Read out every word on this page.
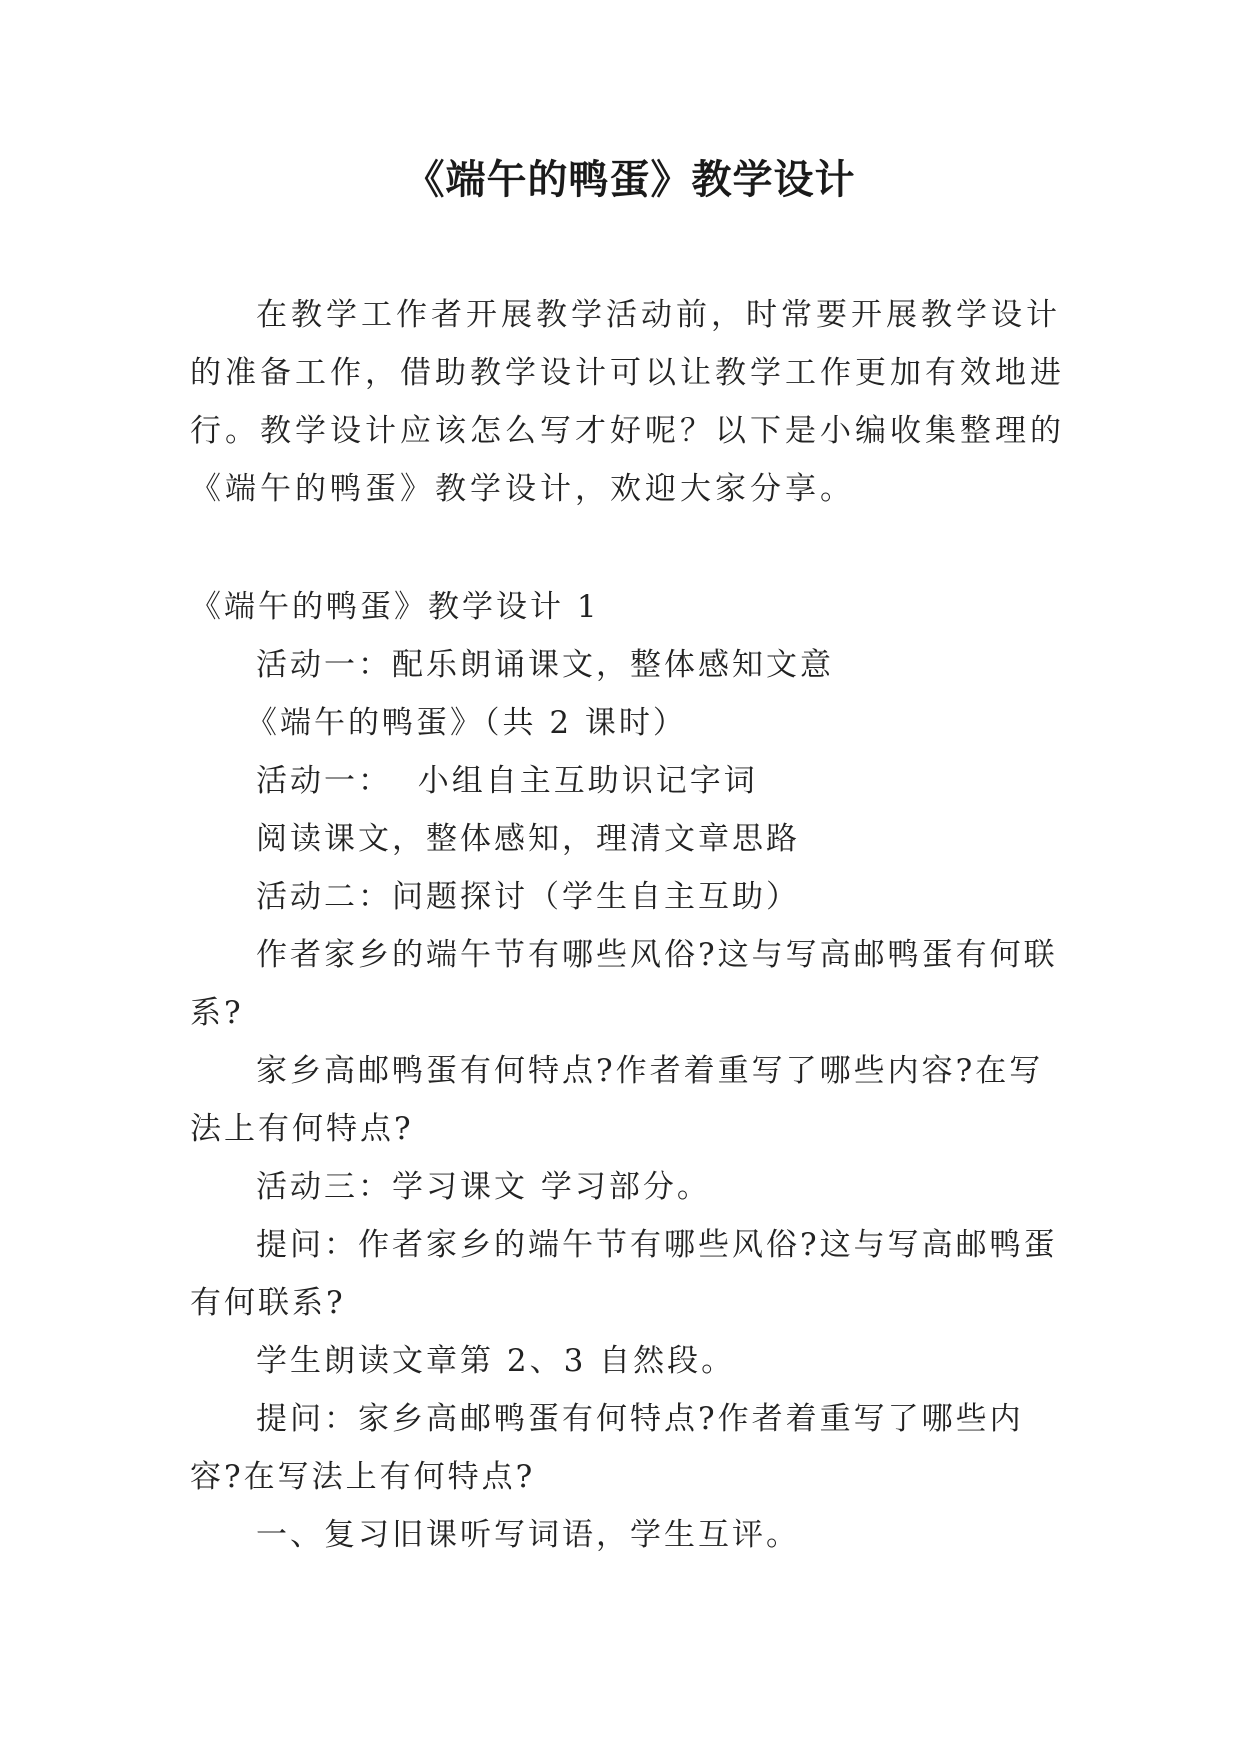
《端午的鸭蛋》教学设计

在教学工作者开展教学活动前，时常要开展教学设计的准备工作，借助教学设计可以让教学工作更加有效地进行。教学设计应该怎么写才好呢？以下是小编收集整理的《端午的鸭蛋》教学设计，欢迎大家分享。

《端午的鸭蛋》教学设计 1

活动一：配乐朗诵课文，整体感知文意

《端午的鸭蛋》（共 2 课时）

活动一：  小组自主互助识记字词

阅读课文，整体感知，理清文章思路

活动二：问题探讨（学生自主互助）

作者家乡的端午节有哪些风俗?这与写高邮鸭蛋有何联系?

家乡高邮鸭蛋有何特点?作者着重写了哪些内容?在写法上有何特点?

活动三：学习课文 学习部分。

提问：作者家乡的端午节有哪些风俗?这与写高邮鸭蛋有何联系?

学生朗读文章第 2、3 自然段。

提问：家乡高邮鸭蛋有何特点?作者着重写了哪些内容?在写法上有何特点?

一、复习旧课听写词语，学生互评。
